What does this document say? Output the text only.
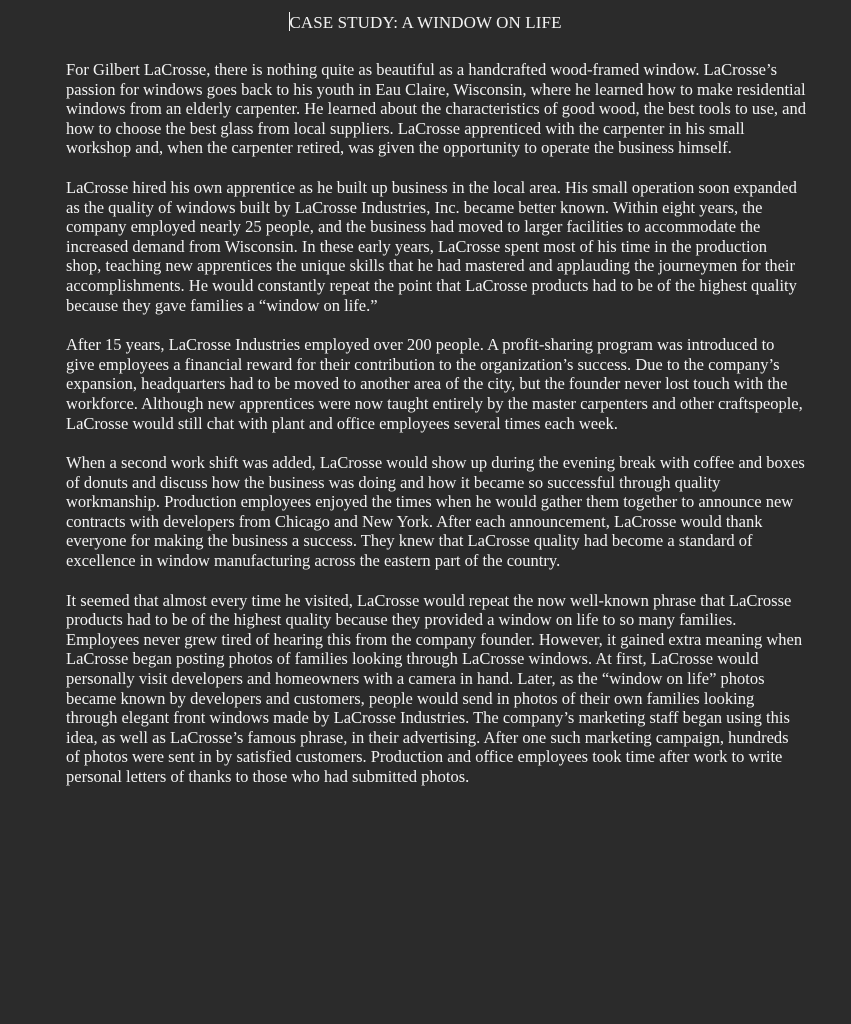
CASE STUDY: A WINDOW ON LIFE

For Gilbert LaCrosse, there is nothing quite as beautiful as a handcrafted wood-framed window. LaCrosse’s passion for windows goes back to his youth in Eau Claire, Wisconsin, where he learned how to make residential windows from an elderly carpenter. He learned about the characteristics of good wood, the best tools to use, and how to choose the best glass from local suppliers. LaCrosse apprenticed with the carpenter in his small workshop and, when the carpenter retired, was given the opportunity to operate the business himself.

LaCrosse hired his own apprentice as he built up business in the local area. His small operation soon expanded as the quality of windows built by LaCrosse Industries, Inc. became better known. Within eight years, the company employed nearly 25 people, and the business had moved to larger facilities to accommodate the increased demand from Wisconsin. In these early years, LaCrosse spent most of his time in the production shop, teaching new apprentices the unique skills that he had mastered and applauding the journeymen for their accomplishments. He would constantly repeat the point that LaCrosse products had to be of the highest quality because they gave families a “window on life.”

After 15 years, LaCrosse Industries employed over 200 people. A profit-sharing program was introduced to give employees a financial reward for their contribution to the organization’s success. Due to the company’s expansion, headquarters had to be moved to another area of the city, but the founder never lost touch with the workforce. Although new apprentices were now taught entirely by the master carpenters and other craftspeople, LaCrosse would still chat with plant and office employees several times each week.

When a second work shift was added, LaCrosse would show up during the evening break with coffee and boxes of donuts and discuss how the business was doing and how it became so successful through quality workmanship. Production employees enjoyed the times when he would gather them together to announce new contracts with developers from Chicago and New York. After each announcement, LaCrosse would thank everyone for making the business a success. They knew that LaCrosse quality had become a standard of excellence in window manufacturing across the eastern part of the country.

It seemed that almost every time he visited, LaCrosse would repeat the now well-known phrase that LaCrosse products had to be of the highest quality because they provided a window on life to so many families. Employees never grew tired of hearing this from the company founder. However, it gained extra meaning when LaCrosse began posting photos of families looking through LaCrosse windows. At first, LaCrosse would personally visit developers and homeowners with a camera in hand. Later, as the “window on life” photos became known by developers and customers, people would send in photos of their own families looking through elegant front windows made by LaCrosse Industries. The company’s marketing staff began using this idea, as well as LaCrosse’s famous phrase, in their advertising. After one such marketing campaign, hundreds of photos were sent in by satisfied customers. Production and office employees took time after work to write personal letters of thanks to those who had submitted photos.
